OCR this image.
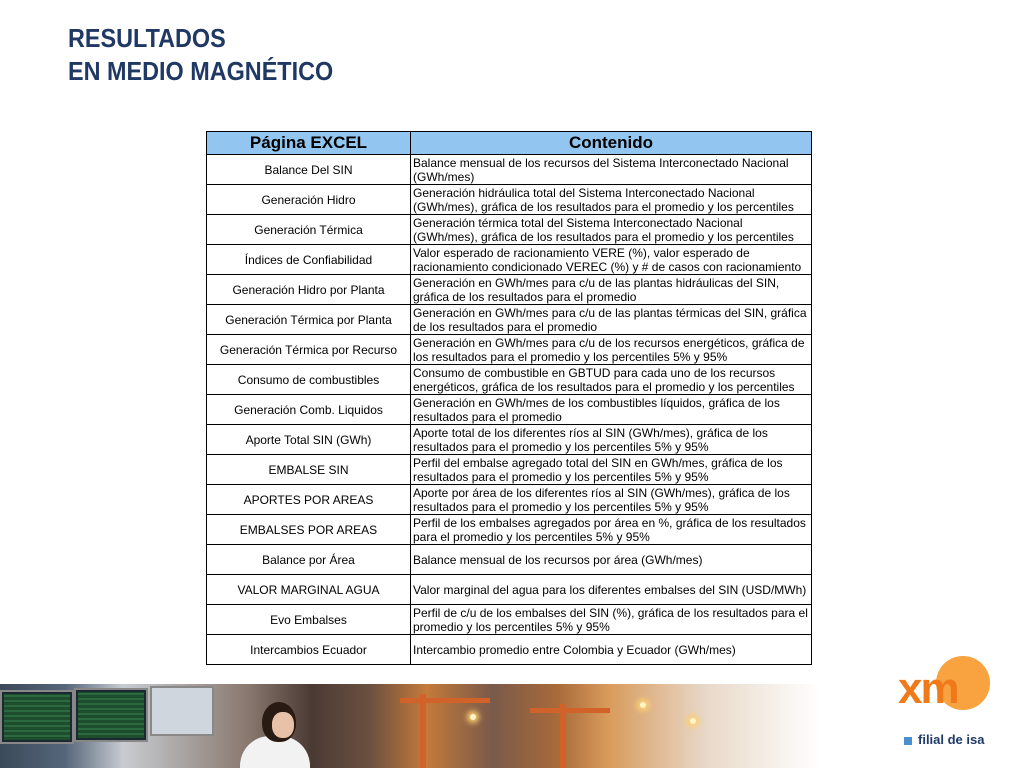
RESULTADOS
EN MEDIO MAGNÉTICO
Página EXCEL	Contenido
Balance Del SIN	Balance mensual de los recursos del Sistema Interconectado Nacional (GWh/mes)
Generación Hidro	Generación hidráulica total del Sistema Interconectado Nacional (GWh/mes), gráfica de los resultados para el promedio y los percentiles
Generación Térmica	Generación térmica total del Sistema Interconectado Nacional (GWh/mes), gráfica de los resultados para el promedio y los percentiles
Índices de Confiabilidad	Valor esperado de racionamiento VERE (%), valor esperado de racionamiento condicionado VEREC (%) y # de casos con racionamiento
Generación Hidro por Planta	Generación en GWh/mes para c/u de las plantas hidráulicas del SIN, gráfica de los resultados para el promedio
Generación Térmica por Planta	Generación en GWh/mes para c/u de las plantas térmicas del SIN, gráfica de los resultados para el promedio
Generación Térmica por Recurso	Generación en GWh/mes para c/u de los recursos energéticos, gráfica de los resultados para el promedio y los percentiles 5% y 95%
Consumo de combustibles	Consumo de combustible en GBTUD para cada uno de los recursos energéticos, gráfica de los resultados para el promedio y los percentiles
Generación Comb. Liquidos	Generación en GWh/mes de los combustibles líquidos, gráfica de los resultados para el promedio
Aporte Total SIN (GWh)	Aporte total de los diferentes ríos al SIN (GWh/mes), gráfica de los resultados para el promedio y los percentiles 5% y 95%
EMBALSE SIN	Perfil del embalse agregado total del SIN en GWh/mes, gráfica de los resultados para el promedio y los percentiles 5% y 95%
APORTES POR AREAS	Aporte por área de los diferentes ríos al SIN (GWh/mes), gráfica de los resultados para el promedio y los percentiles 5% y 95%
EMBALSES POR AREAS	Perfil de los embalses agregados por área en %, gráfica de los resultados para el promedio y los percentiles 5% y 95%
Balance por Área	Balance mensual de los recursos por área (GWh/mes)
VALOR MARGINAL AGUA	Valor marginal del agua para los diferentes embalses del SIN (USD/MWh)
Evo Embalses	Perfil de c/u de los embalses del SIN (%), gráfica de los resultados para el promedio y los percentiles 5% y 95%
Intercambios Ecuador	Intercambio promedio entre Colombia y Ecuador (GWh/mes)
xm
filial de isa
